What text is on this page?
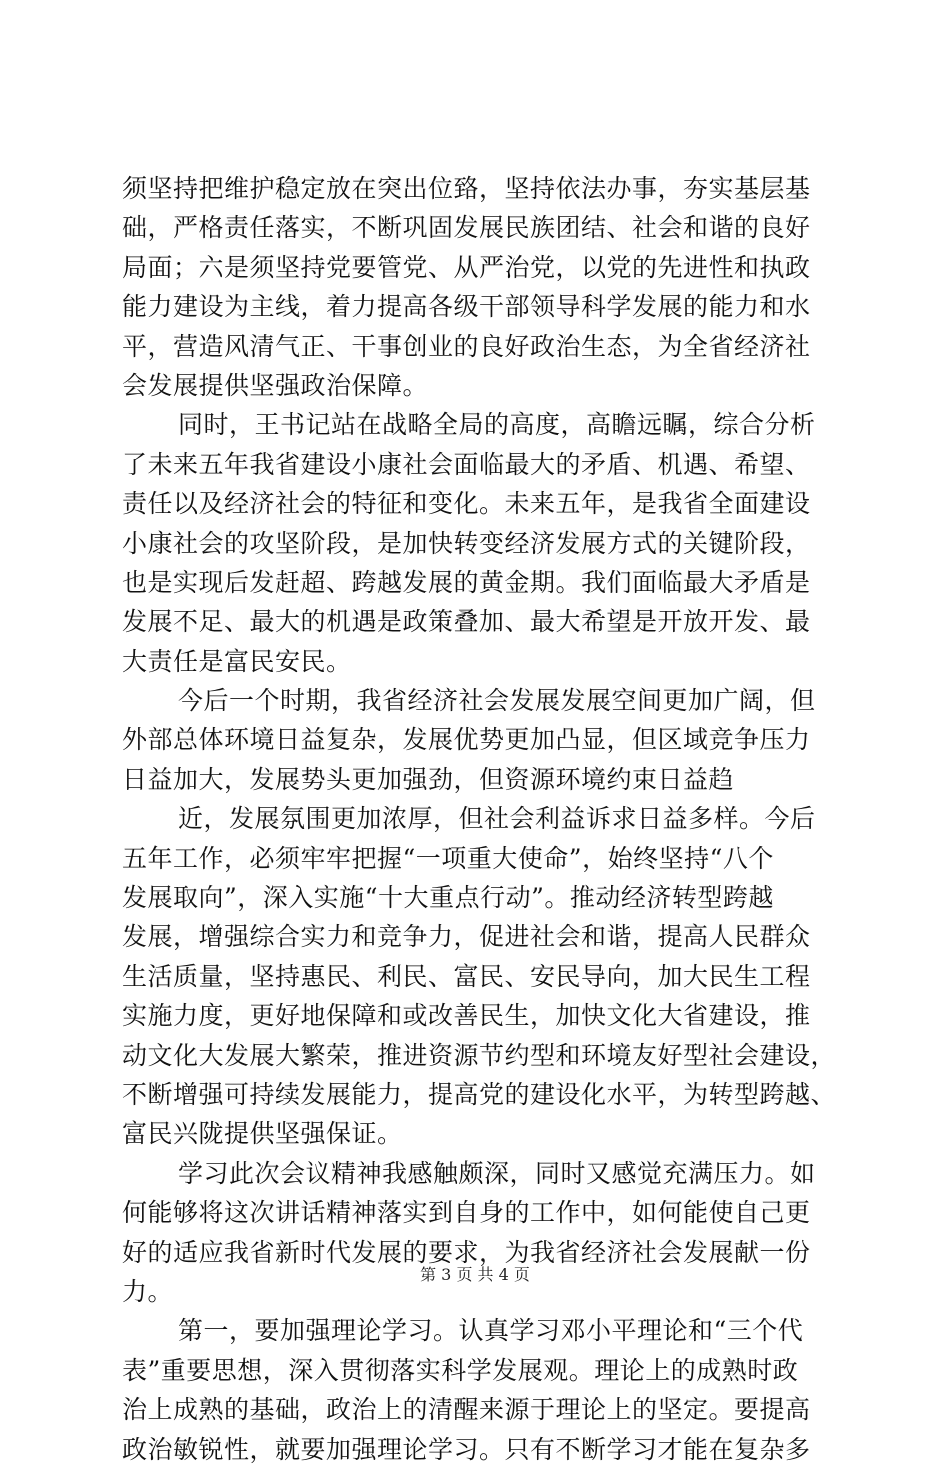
须坚持把维护稳定放在突出位臵，坚持依法办事，夯实基层基
础，严格责任落实，不断巩固发展民族团结、社会和谐的良好
局面；六是须坚持党要管党、从严治党，以党的先进性和执政
能力建设为主线，着力提高各级干部领导科学发展的能力和水
平，营造风清气正、干事创业的良好政治生态，为全省经济社
会发展提供坚强政治保障。
同时，王书记站在战略全局的高度，高瞻远瞩，综合分析
了未来五年我省建设小康社会面临最大的矛盾、机遇、希望、
责任以及经济社会的特征和变化。未来五年，是我省全面建设
小康社会的攻坚阶段，是加快转变经济发展方式的关键阶段，
也是实现后发赶超、跨越发展的黄金期。我们面临最大矛盾是
发展不足、最大的机遇是政策叠加、最大希望是开放开发、最
大责任是富民安民。
今后一个时期，我省经济社会发展发展空间更加广阔，但
外部总体环境日益复杂，发展优势更加凸显，但区域竞争压力
日益加大，发展势头更加强劲，但资源环境约束日益趋
近，发展氛围更加浓厚，但社会利益诉求日益多样。今后
五年工作，必须牢牢把握“一项重大使命”，始终坚持“八个
发展取向”，深入实施“十大重点行动”。推动经济转型跨越
发展，增强综合实力和竞争力，促进社会和谐，提高人民群众
生活质量，坚持惠民、利民、富民、安民导向，加大民生工程
实施力度，更好地保障和或改善民生，加快文化大省建设，推
动文化大发展大繁荣，推进资源节约型和环境友好型社会建设，
不断增强可持续发展能力，提高党的建设化水平，为转型跨越、
富民兴陇提供坚强保证。
学习此次会议精神我感触颇深，同时又感觉充满压力。如
何能够将这次讲话精神落实到自身的工作中，如何能使自己更
好的适应我省新时代发展的要求，为我省经济社会发展献一份
力。
第一，要加强理论学习。认真学习邓小平理论和“三个代
表”重要思想，深入贯彻落实科学发展观。理论上的成熟时政
治上成熟的基础，政治上的清醒来源于理论上的坚定。要提高
政治敏锐性，就要加强理论学习。只有不断学习才能在复杂多
第 3 页 共 4 页
